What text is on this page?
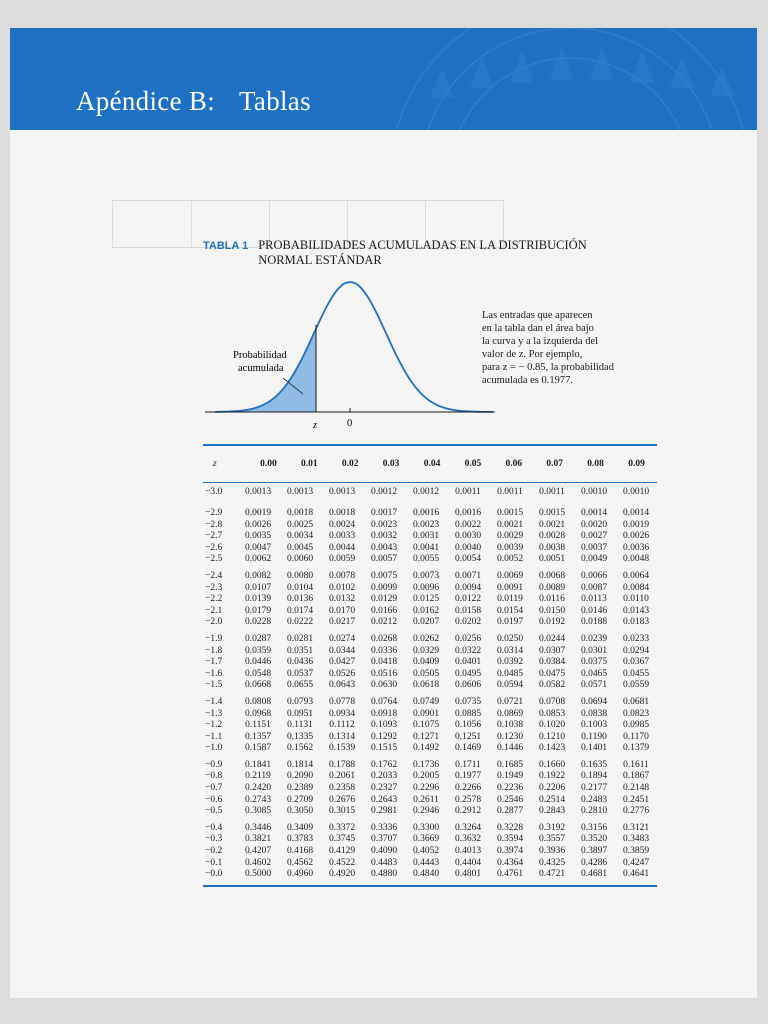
Apéndice B: Tablas
$^{TABLA 1}$ PROBABILIDADES ACUMULADAS EN LA DISTRIBUCIÓN
NORMAL ESTÁNDAR
Probabilidad
acumulada
z	0
Las entradas que aparecen
en la tabla dan el área bajo
la curva y a la izquierda del
valor de z. Por ejemplo,
para z = − 0.85, la probabilidad
acumulada es 0.1977.
z	0.00	0.01	0.02	0.03	0.04	0.05	0.06	0.07	0.08	0.09
−3.0	0.0013	0.0013	0.0013	0.0012	0.0012	0.0011	0.0011	0.0011	0.0010	0.0010
−2.9	0.0019	0.0018	0.0018	0.0017	0.0016	0.0016	0.0015	0.0015	0.0014	0.0014
−2.8	0.0026	0.0025	0.0024	0.0023	0.0023	0.0022	0.0021	0.0021	0.0020	0.0019
−2.7	0.0035	0.0034	0.0033	0.0032	0.0031	0.0030	0.0029	0.0028	0.0027	0.0026
−2.6	0.0047	0.0045	0.0044	0.0043	0.0041	0.0040	0.0039	0.0038	0.0037	0.0036
−2.5	0.0062	0.0060	0.0059	0.0057	0.0055	0.0054	0.0052	0.0051	0.0049	0.0048
−2.4	0.0082	0.0080	0.0078	0.0075	0.0073	0.0071	0.0069	0.0068	0.0066	0.0064
−2.3	0.0107	0.0104	0.0102	0.0099	0.0096	0.0094	0.0091	0.0089	0.0087	0.0084
−2.2	0.0139	0.0136	0.0132	0.0129	0.0125	0.0122	0.0119	0.0116	0.0113	0.0110
−2.1	0.0179	0.0174	0.0170	0.0166	0.0162	0.0158	0.0154	0.0150	0.0146	0.0143
−2.0	0.0228	0.0222	0.0217	0.0212	0.0207	0.0202	0.0197	0.0192	0.0188	0.0183
−1.9	0.0287	0.0281	0.0274	0.0268	0.0262	0.0256	0.0250	0.0244	0.0239	0.0233
−1.8	0.0359	0.0351	0.0344	0.0336	0.0329	0.0322	0.0314	0.0307	0.0301	0.0294
−1.7	0.0446	0.0436	0.0427	0.0418	0.0409	0.0401	0.0392	0.0384	0.0375	0.0367
−1.6	0.0548	0.0537	0.0526	0.0516	0.0505	0.0495	0.0485	0.0475	0.0465	0.0455
−1.5	0.0668	0.0655	0.0643	0.0630	0.0618	0.0606	0.0594	0.0582	0.0571	0.0559
−1.4	0.0808	0.0793	0.0778	0.0764	0.0749	0.0735	0.0721	0.0708	0.0694	0.0681
−1.3	0.0968	0.0951	0.0934	0.0918	0.0901	0.0885	0.0869	0.0853	0.0838	0.0823
−1.2	0.1151	0.1131	0.1112	0.1093	0.1075	0.1056	0.1038	0.1020	0.1003	0.0985
−1.1	0.1357	0.1335	0.1314	0.1292	0.1271	0.1251	0.1230	0.1210	0.1190	0.1170
−1.0	0.1587	0.1562	0.1539	0.1515	0.1492	0.1469	0.1446	0.1423	0.1401	0.1379
−0.9	0.1841	0.1814	0.1788	0.1762	0.1736	0.1711	0.1685	0.1660	0.1635	0.1611
−0.8	0.2119	0.2090	0.2061	0.2033	0.2005	0.1977	0.1949	0.1922	0.1894	0.1867
−0.7	0.2420	0.2389	0.2358	0.2327	0.2296	0.2266	0.2236	0.2206	0.2177	0.2148
−0.6	0.2743	0.2709	0.2676	0.2643	0.2611	0.2578	0.2546	0.2514	0.2483	0.2451
−0.5	0.3085	0.3050	0.3015	0.2981	0.2946	0.2912	0.2877	0.2843	0.2810	0.2776
−0.4	0.3446	0.3409	0.3372	0.3336	0.3300	0.3264	0.3228	0.3192	0.3156	0.3121
−0.3	0.3821	0.3783	0.3745	0.3707	0.3669	0.3632	0.3594	0.3557	0.3520	0.3483
−0.2	0.4207	0.4168	0.4129	0.4090	0.4052	0.4013	0.3974	0.3936	0.3897	0.3859
−0.1	0.4602	0.4562	0.4522	0.4483	0.4443	0.4404	0.4364	0.4325	0.4286	0.4247
−0.0	0.5000	0.4960	0.4920	0.4880	0.4840	0.4801	0.4761	0.4721	0.4681	0.4641
